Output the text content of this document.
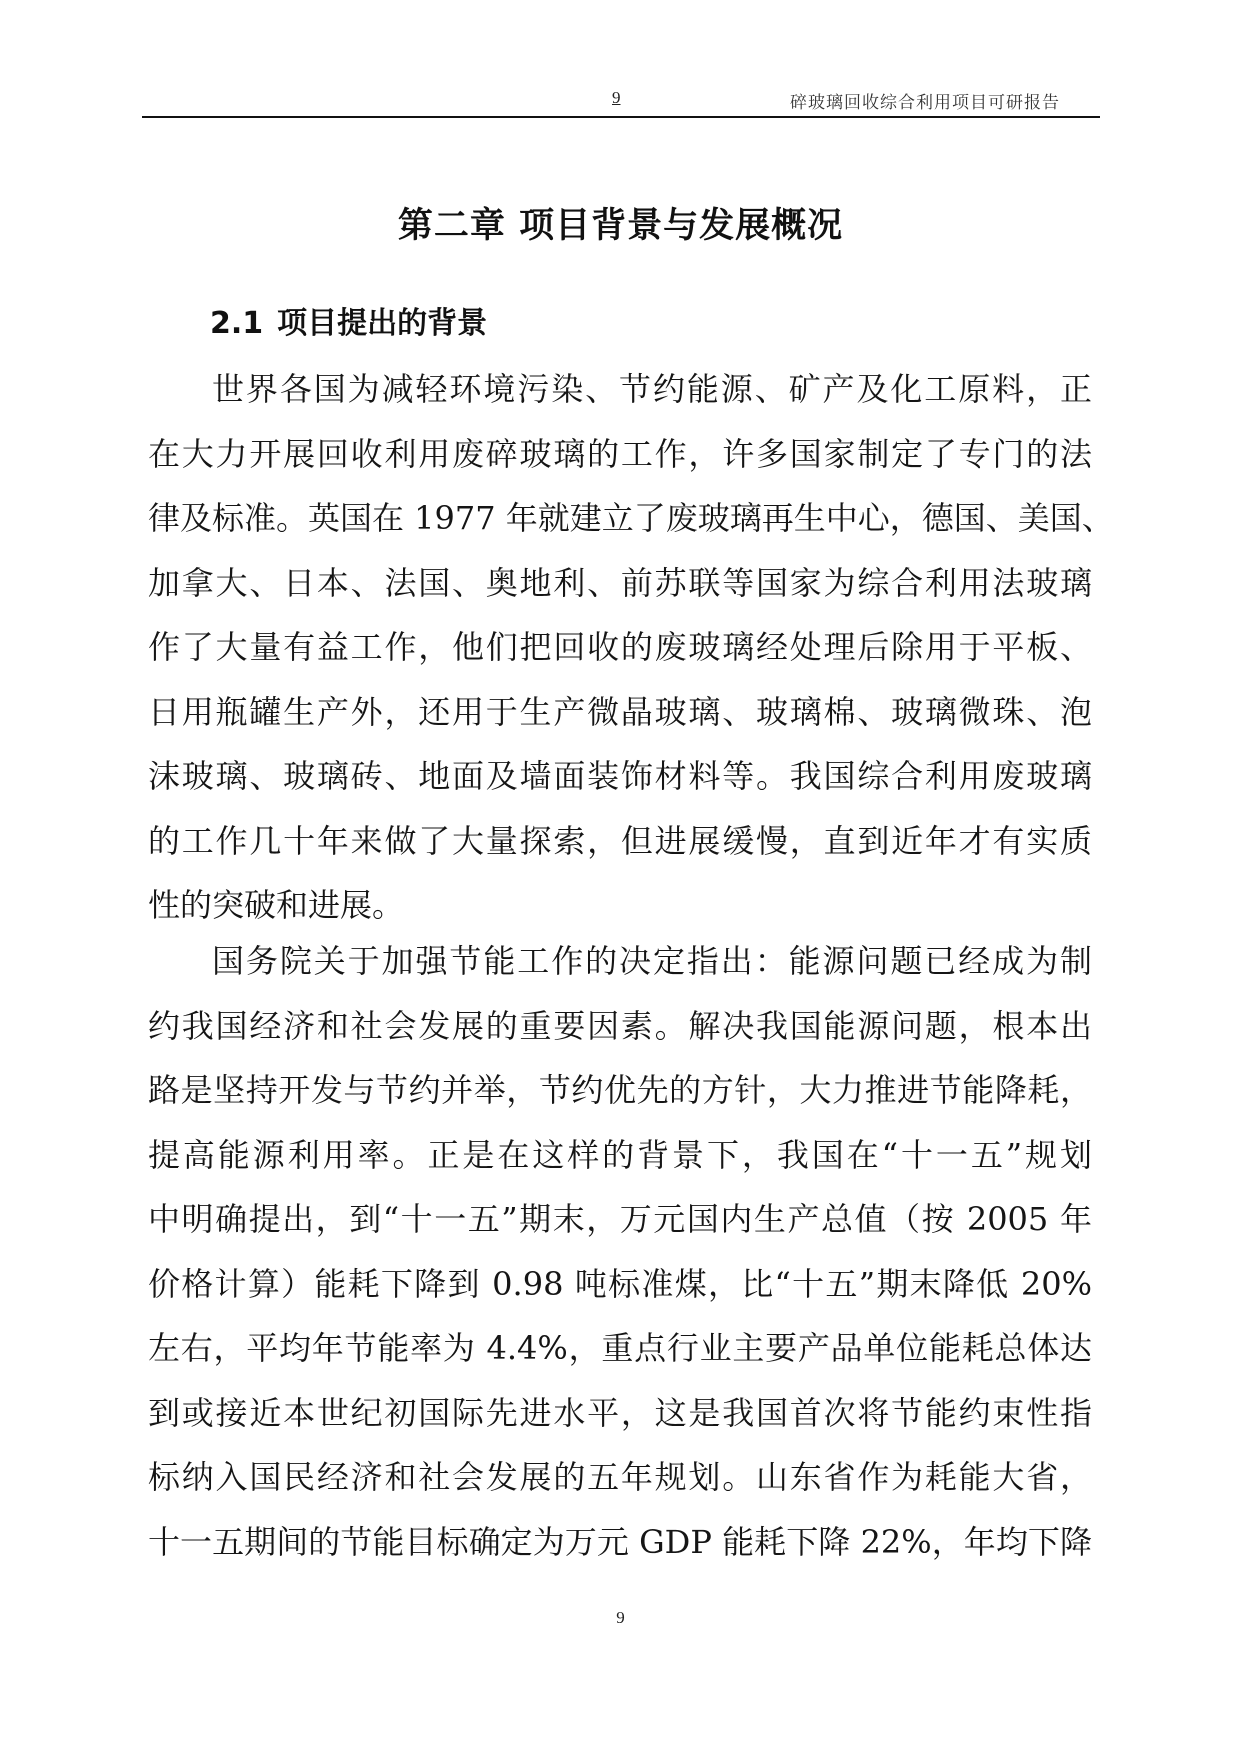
9	碎玻璃回收综合利用项目可研报告
第二章 项目背景与发展概况
2.1 项目提出的背景
世界各国为减轻环境污染、节约能源、矿产及化工原料，正
在大力开展回收利用废碎玻璃的工作，许多国家制定了专门的法
律及标准。英国在 1977 年就建立了废玻璃再生中心，德国、美国、
加拿大、日本、法国、奥地利、前苏联等国家为综合利用法玻璃
作了大量有益工作，他们把回收的废玻璃经处理后除用于平板、
日用瓶罐生产外，还用于生产微晶玻璃、玻璃棉、玻璃微珠、泡
沫玻璃、玻璃砖、地面及墙面装饰材料等。我国综合利用废玻璃
的工作几十年来做了大量探索，但进展缓慢，直到近年才有实质
性的突破和进展。
国务院关于加强节能工作的决定指出：能源问题已经成为制
约我国经济和社会发展的重要因素。解决我国能源问题，根本出
路是坚持开发与节约并举，节约优先的方针，大力推进节能降耗，
提高能源利用率。正是在这样的背景下，我国在“十一五”规划
中明确提出，到“十一五”期末，万元国内生产总值（按 2005 年
价格计算）能耗下降到 0.98 吨标准煤，比“十五”期末降低 20%
左右，平均年节能率为 4.4%，重点行业主要产品单位能耗总体达
到或接近本世纪初国际先进水平，这是我国首次将节能约束性指
标纳入国民经济和社会发展的五年规划。山东省作为耗能大省，
十一五期间的节能目标确定为万元 GDP 能耗下降 22%，年均下降
9
